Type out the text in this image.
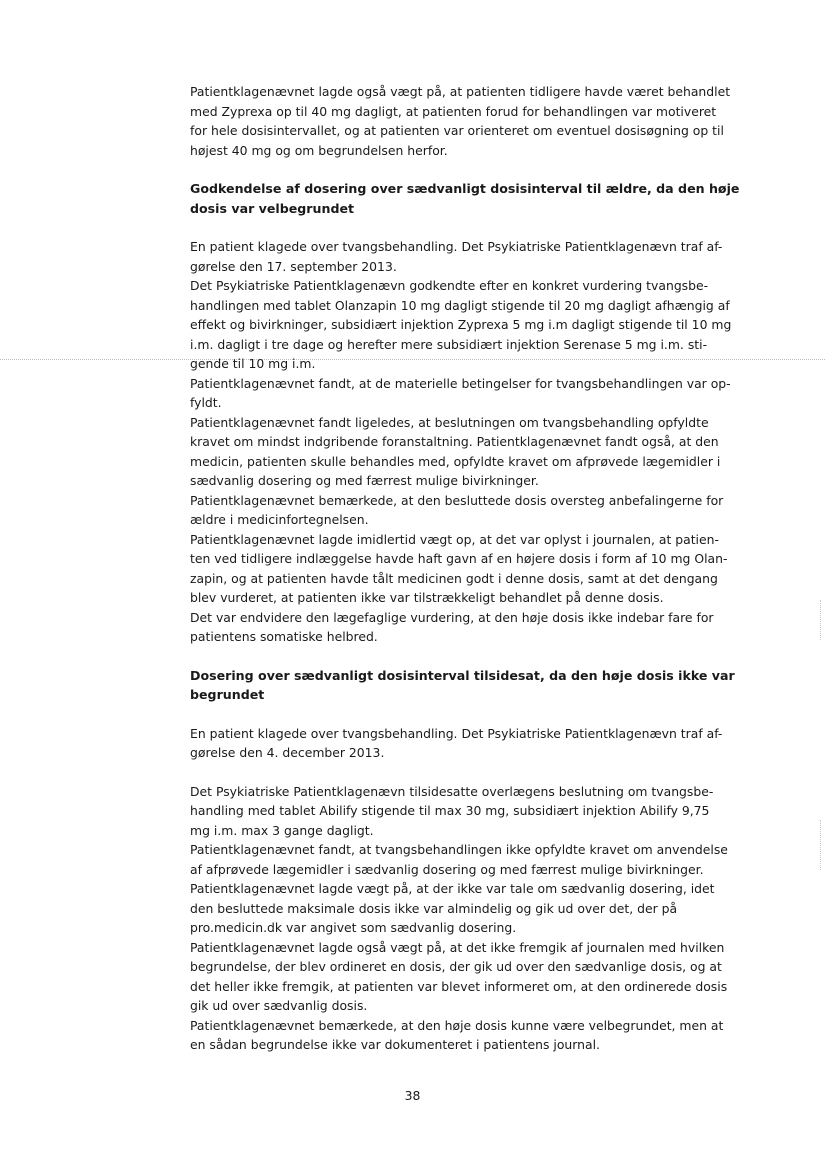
Patientklagenævnet lagde også vægt på, at patienten tidligere havde været behandlet
med Zyprexa op til 40 mg dagligt, at patienten forud for behandlingen var motiveret
for hele dosisintervallet, og at patienten var orienteret om eventuel dosisøgning op til
højest 40 mg og om begrundelsen herfor.
Godkendelse af dosering over sædvanligt dosisinterval til ældre, da den høje
dosis var velbegrundet
En patient klagede over tvangsbehandling. Det Psykiatriske Patientklagenævn traf af-
gørelse den 17. september 2013.
Det Psykiatriske Patientklagenævn godkendte efter en konkret vurdering tvangsbe-
handlingen med tablet Olanzapin 10 mg dagligt stigende til 20 mg dagligt afhængig af
effekt og bivirkninger, subsidiært injektion Zyprexa 5 mg i.m dagligt stigende til 10 mg
i.m. dagligt i tre dage og herefter mere subsidiært injektion Serenase 5 mg i.m. sti-
gende til 10 mg i.m.
Patientklagenævnet fandt, at de materielle betingelser for tvangsbehandlingen var op-
fyldt.
Patientklagenævnet fandt ligeledes, at beslutningen om tvangsbehandling opfyldte
kravet om mindst indgribende foranstaltning. Patientklagenævnet fandt også, at den
medicin, patienten skulle behandles med, opfyldte kravet om afprøvede lægemidler i
sædvanlig dosering og med færrest mulige bivirkninger.
Patientklagenævnet bemærkede, at den besluttede dosis oversteg anbefalingerne for
ældre i medicinfortegnelsen.
Patientklagenævnet lagde imidlertid vægt op, at det var oplyst i journalen, at patien-
ten ved tidligere indlæggelse havde haft gavn af en højere dosis i form af 10 mg Olan-
zapin, og at patienten havde tålt medicinen godt i denne dosis, samt at det dengang
blev vurderet, at patienten ikke var tilstrækkeligt behandlet på denne dosis.
Det var endvidere den lægefaglige vurdering, at den høje dosis ikke indebar fare for
patientens somatiske helbred.
Dosering over sædvanligt dosisinterval tilsidesat, da den høje dosis ikke var
begrundet
En patient klagede over tvangsbehandling. Det Psykiatriske Patientklagenævn traf af-
gørelse den 4. december 2013.
Det Psykiatriske Patientklagenævn tilsidesatte overlægens beslutning om tvangsbe-
handling med tablet Abilify stigende til max 30 mg, subsidiært injektion Abilify 9,75
mg i.m. max 3 gange dagligt.
Patientklagenævnet fandt, at tvangsbehandlingen ikke opfyldte kravet om anvendelse
af afprøvede lægemidler i sædvanlig dosering og med færrest mulige bivirkninger.
Patientklagenævnet lagde vægt på, at der ikke var tale om sædvanlig dosering, idet
den besluttede maksimale dosis ikke var almindelig og gik ud over det, der på
pro.medicin.dk var angivet som sædvanlig dosering.
Patientklagenævnet lagde også vægt på, at det ikke fremgik af journalen med hvilken
begrundelse, der blev ordineret en dosis, der gik ud over den sædvanlige dosis, og at
det heller ikke fremgik, at patienten var blevet informeret om, at den ordinerede dosis
gik ud over sædvanlig dosis.
Patientklagenævnet bemærkede, at den høje dosis kunne være velbegrundet, men at
en sådan begrundelse ikke var dokumenteret i patientens journal.
38
